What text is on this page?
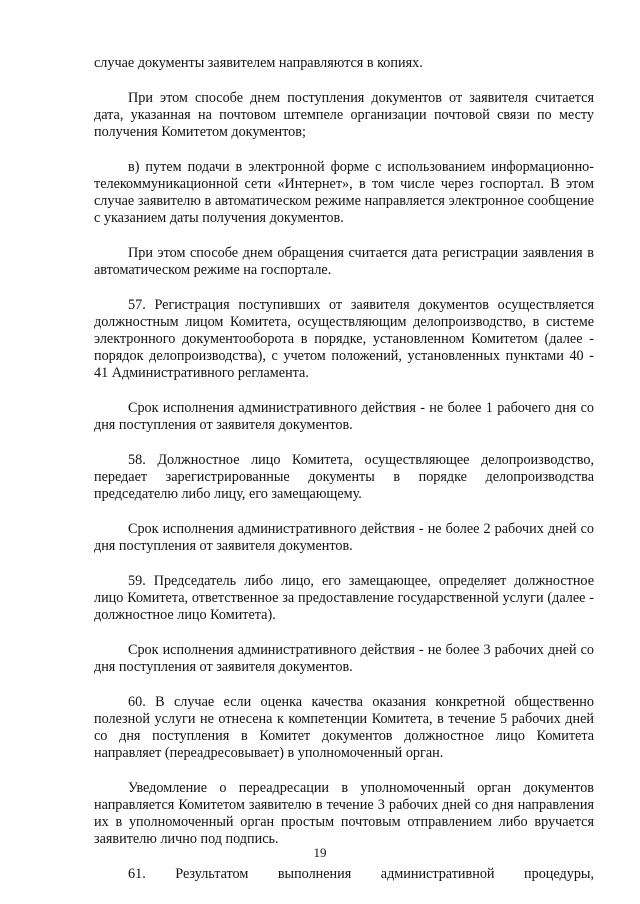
случае документы заявителем направляются в копиях.

При этом способе днем поступления документов от заявителя считается дата, указанная на почтовом штемпеле организации почтовой связи по месту получения Комитетом документов;

в) путем подачи в электронной форме с использованием информационно-телекоммуникационной сети «Интернет», в том числе через госпортал. В этом случае заявителю в автоматическом режиме направляется электронное сообщение с указанием даты получения документов.

При этом способе днем обращения считается дата регистрации заявления в автоматическом режиме на госпортале.

57. Регистрация поступивших от заявителя документов осуществляется должностным лицом Комитета, осуществляющим делопроизводство, в системе электронного документооборота в порядке, установленном Комитетом (далее - порядок делопроизводства), с учетом положений, установленных пунктами 40 - 41 Административного регламента.

Срок исполнения административного действия - не более 1 рабочего дня со дня поступления от заявителя документов.

58. Должностное лицо Комитета, осуществляющее делопроизводство, передает зарегистрированные документы в порядке делопроизводства председателю либо лицу, его замещающему.

Срок исполнения административного действия - не более 2 рабочих дней со дня поступления от заявителя документов.

59. Председатель либо лицо, его замещающее, определяет должностное лицо Комитета, ответственное за предоставление государственной услуги (далее - должностное лицо Комитета).

Срок исполнения административного действия - не более 3 рабочих дней со дня поступления от заявителя документов.

60. В случае если оценка качества оказания конкретной общественно полезной услуги не отнесена к компетенции Комитета, в течение 5 рабочих дней со дня поступления в Комитет документов должностное лицо Комитета направляет (переадресовывает) в уполномоченный орган.

Уведомление о переадресации в уполномоченный орган документов направляется Комитетом заявителю в течение 3 рабочих дней со дня направления их в уполномоченный орган простым почтовым отправлением либо вручается заявителю лично под подпись.

61. Результатом выполнения административной процедуры,

19
